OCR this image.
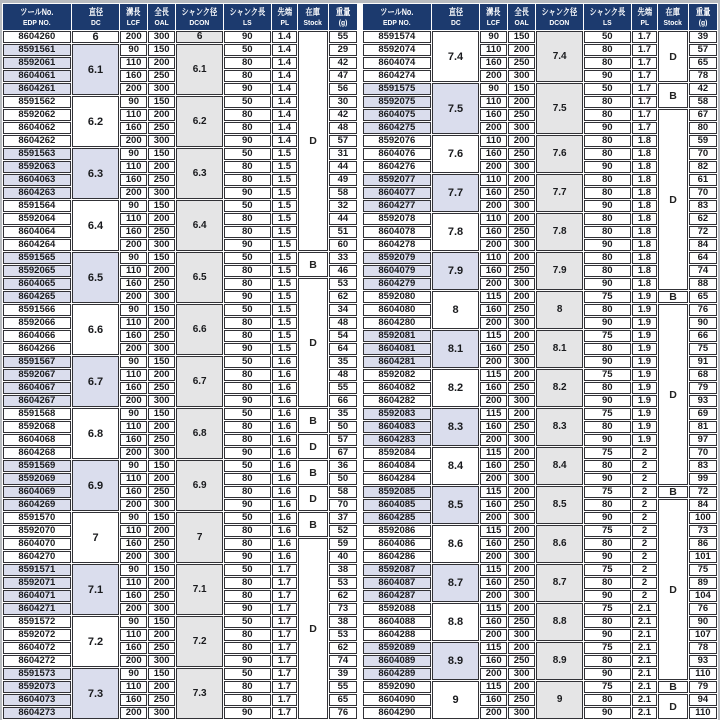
ツールNo.
EDP NO.

直径
DC

溝長
LCF

全長
OAL

シャンク径
DCON

シャンク長
LS

先端
PL

在庫
Stock

重量
(g)

8604260	6	200	300	6	90	1.4	D	55
8591561	6.1	90	150	6.1	50	1.4		29
8592061		110	200		80	1.4		42
8604061		160	250		80	1.4		47
8604261		200	300		90	1.4		56
8591562	6.2	90	150	6.2	50	1.4		30
8592062		110	200		80	1.4		42
8604062		160	250		80	1.4		48
8604262		200	300		90	1.4		57
8591563	6.3	90	150	6.3	50	1.5		31
8592063		110	200		80	1.5		44
8604063		160	250		80	1.5		49
8604263		200	300		90	1.5		58
8591564	6.4	90	150	6.4	50	1.5		32
8592064		110	200		80	1.5		44
8604064		160	250		80	1.5		51
8604264		200	300		90	1.5		60
8591565	6.5	90	150	6.5	50	1.5	B	33
8592065		110	200		80	1.5		46
8604065		160	250		80	1.5	D	53
8604265		200	300		90	1.5		62
8591566	6.6	90	150	6.6	50	1.5		34
8592066		110	200		80	1.5		48
8604066		160	250		80	1.5		54
8604266		200	300		90	1.5		64
8591567	6.7	90	150	6.7	50	1.6		35
8592067		110	200		80	1.6		48
8604067		160	250		80	1.6		55
8604267		200	300		90	1.6		66
8591568	6.8	90	150	6.8	50	1.6	B	35
8592068		110	200		80	1.6		50
8604068		160	250		80	1.6	D	57
8604268		200	300		90	1.6		67
8591569	6.9	90	150	6.9	50	1.6	B	36
8592069		110	200		80	1.6		50
8604069		160	250		80	1.6	D	58
8604269		200	300		90	1.6		70
8591570	7	90	150	7	50	1.6	B	37
8592070		110	200		80	1.6		52
8604070		160	250		80	1.6	D	59
8604270		200	300		90	1.6		40
8591571	7.1	90	150	7.1	50	1.7		38
8592071		110	200		80	1.7		53
8604071		160	250		80	1.7		62
8604271		200	300		90	1.7		73
8591572	7.2	90	150	7.2	50	1.7		38
8592072		110	200		80	1.7		53
8604072		160	250		80	1.7		62
8604272		200	300		90	1.7		74
8591573	7.3	90	150	7.3	50	1.7		39
8592073		110	200		80	1.7		55
8604073		160	250		80	1.7		65
8604273		200	300		90	1.7		76
ツールNo.
EDP NO.

直径
DC

溝長
LCF

全長
OAL

シャンク径
DCON

シャンク長
LS

先端
PL

在庫
Stock

重量
(g)

8591574	7.4	90	150	7.4	50	1.7	D	39
8592074		110	200		80	1.7		57
8604074		160	250		80	1.7		65
8604274		200	300		90	1.7		78
8591575	7.5	90	150	7.5	50	1.7	B	42
8592075		110	200		80	1.7		58
8604075		160	250		80	1.7	D	67
8604275		200	300		90	1.7		80
8592076	7.6	110	200	7.6	80	1.8		59
8604076		160	250		80	1.8		70
8604276		200	300		90	1.8		82
8592077	7.7	110	200	7.7	80	1.8		61
8604077		160	250		80	1.8		70
8604277		200	300		90	1.8		83
8592078	7.8	110	200	7.8	80	1.8		62
8604078		160	250		80	1.8		72
8604278		200	300		90	1.8		84
8592079	7.9	110	200	7.9	80	1.8		64
8604079		160	250		80	1.8		74
8604279		200	300		90	1.8		88
8592080	8	115	200	8	75	1.9	B	65
8604080		160	250		80	1.9	D	76
8604280		200	300		90	1.9		90
8592081	8.1	115	200	8.1	75	1.9		66
8604081		160	250		80	1.9		75
8604281		200	300		90	1.9		91
8592082	8.2	115	200	8.2	75	1.9		68
8604082		160	250		80	1.9		79
8604282		200	300		90	1.9		93
8592083	8.3	115	200	8.3	75	1.9		69
8604083		160	250		80	1.9		81
8604283		200	300		90	1.9		97
8592084	8.4	115	200	8.4	75	2		70
8604084		160	250		80	2		83
8604284		200	300		90	2		99
8592085	8.5	115	200	8.5	75	2	B	72
8604085		160	250		80	2	D	84
8604285		200	300		90	2		100
8592086	8.6	115	200	8.6	75	2		73
8604086		160	250		80	2		86
8604286		200	300		90	2		101
8592087	8.7	115	200	8.7	75	2		75
8604087		160	250		80	2		89
8604287		200	300		90	2		104
8592088	8.8	115	200	8.8	75	2.1		76
8604088		160	250		80	2.1		90
8604288		200	300		90	2.1		107
8592089	8.9	115	200	8.9	75	2.1		78
8604089		160	250		80	2.1		93
8604289		200	300		90	2.1		110
8592090	9	115	200	9	75	2.1	B	79
8604090		160	250		80	2.1	D	94
8604290		200	300		90	2.1		110
